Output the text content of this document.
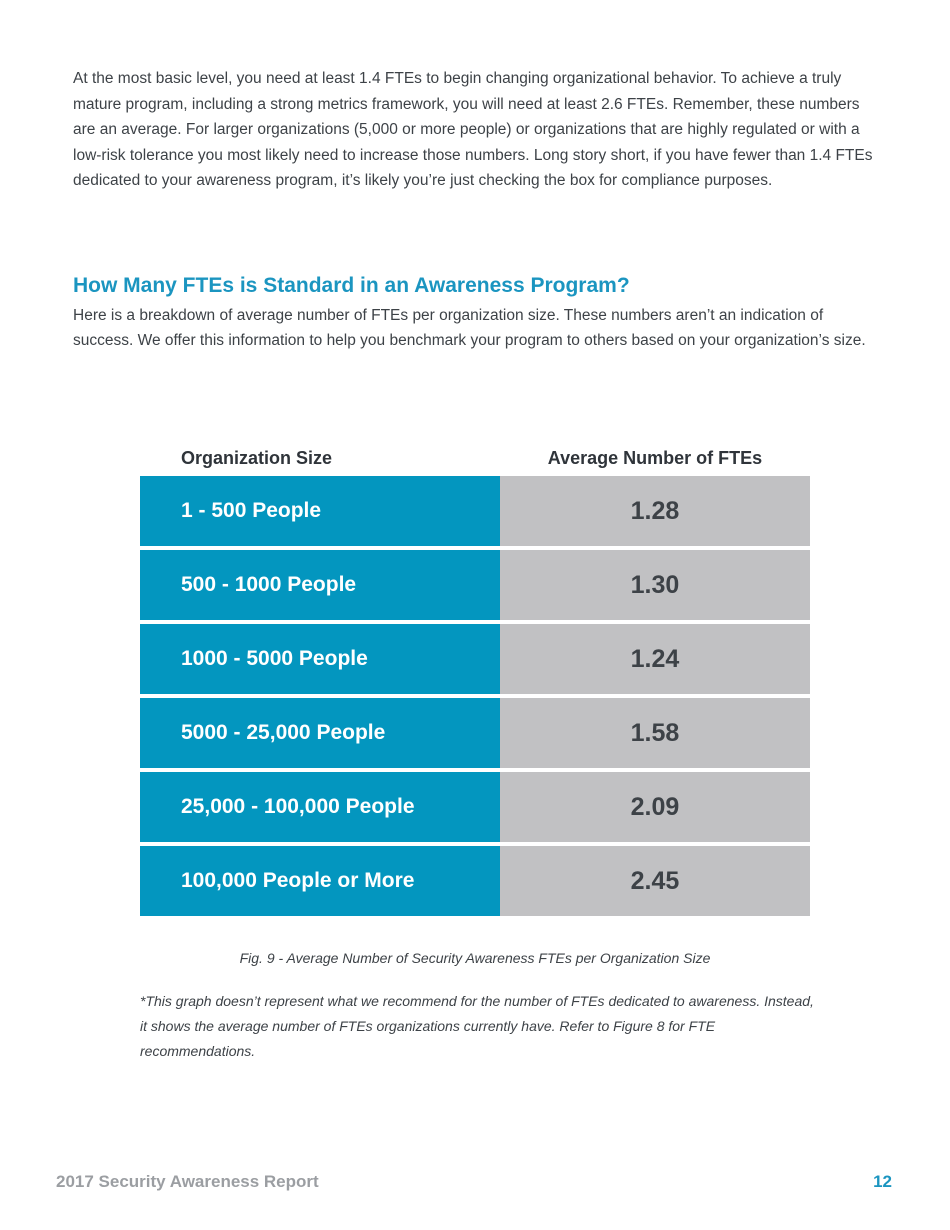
At the most basic level, you need at least 1.4 FTEs to begin changing organizational behavior. To achieve a truly mature program, including a strong metrics framework, you will need at least 2.6 FTEs. Remember, these numbers are an average. For larger organizations (5,000 or more people) or organizations that are highly regulated or with a low-risk tolerance you most likely need to increase those numbers. Long story short, if you have fewer than 1.4 FTEs dedicated to your awareness program, it’s likely you’re just checking the box for compliance purposes.

How Many FTEs is Standard in an Awareness Program?

Here is a breakdown of average number of FTEs per organization size. These numbers aren’t an indication of success. We offer this information to help you benchmark your program to others based on your organization’s size.

Organization Size	Average Number of FTEs
1 - 500 People	1.28
500 - 1000 People	1.30
1000 - 5000 People	1.24
5000 - 25,000 People	1.58
25,000 - 100,000 People	2.09
100,000 People or More	2.45

Fig. 9 - Average Number of Security Awareness FTEs per Organization Size

*This graph doesn’t represent what we recommend for the number of FTEs dedicated to awareness. Instead, it shows the average number of FTEs organizations currently have. Refer to Figure 8 for FTE recommendations.

2017 Security Awareness Report	12
